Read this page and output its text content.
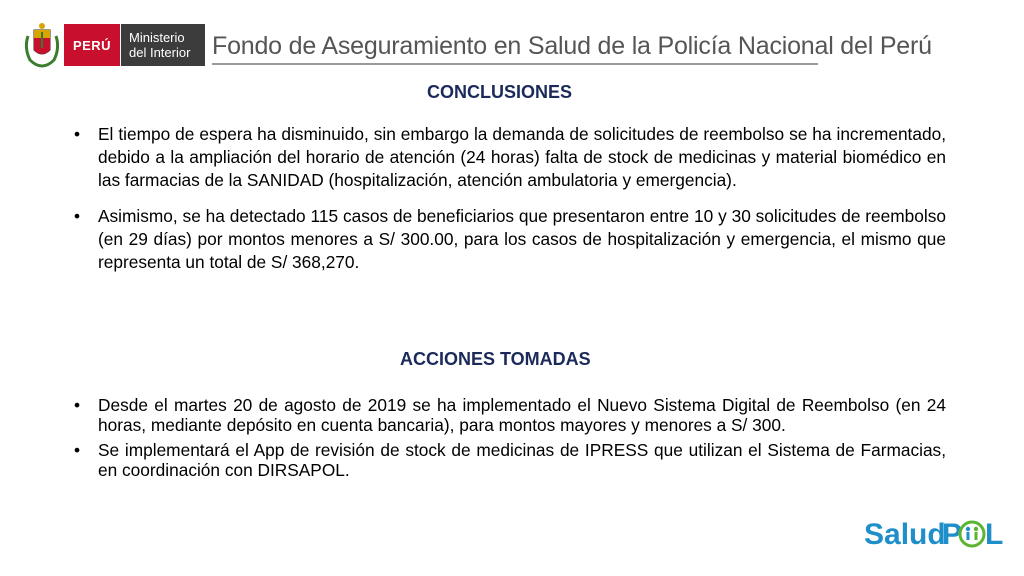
PERÚ	Ministerio
del Interior Fondo de Aseguramiento en Salud de la Policía Nacional del Perú
CONCLUSIONES
• El tiempo de espera ha disminuido, sin embargo la demanda de solicitudes de reembolso se ha incrementado, debido a la ampliación del horario de atención (24 horas) falta de stock de medicinas y material biomédico en las farmacias de la SANIDAD (hospitalización, atención ambulatoria y emergencia).
• Asimismo, se ha detectado 115 casos de beneficiarios que presentaron entre 10 y 30 solicitudes de reembolso (en 29 días) por montos menores a S/ 300.00, para los casos de hospitalización y emergencia, el mismo que representa un total de S/ 368,270.
ACCIONES TOMADAS
• Desde el martes 20 de agosto de 2019 se ha implementado el Nuevo Sistema Digital de Reembolso (en 24 horas, mediante depósito en cuenta bancaria), para montos mayores y menores a S/ 300.
• Se implementará el App de revisión de stock de medicinas de IPRESS que utilizan el Sistema de Farmacias, en coordinación con DIRSAPOL.
Salud
P L
